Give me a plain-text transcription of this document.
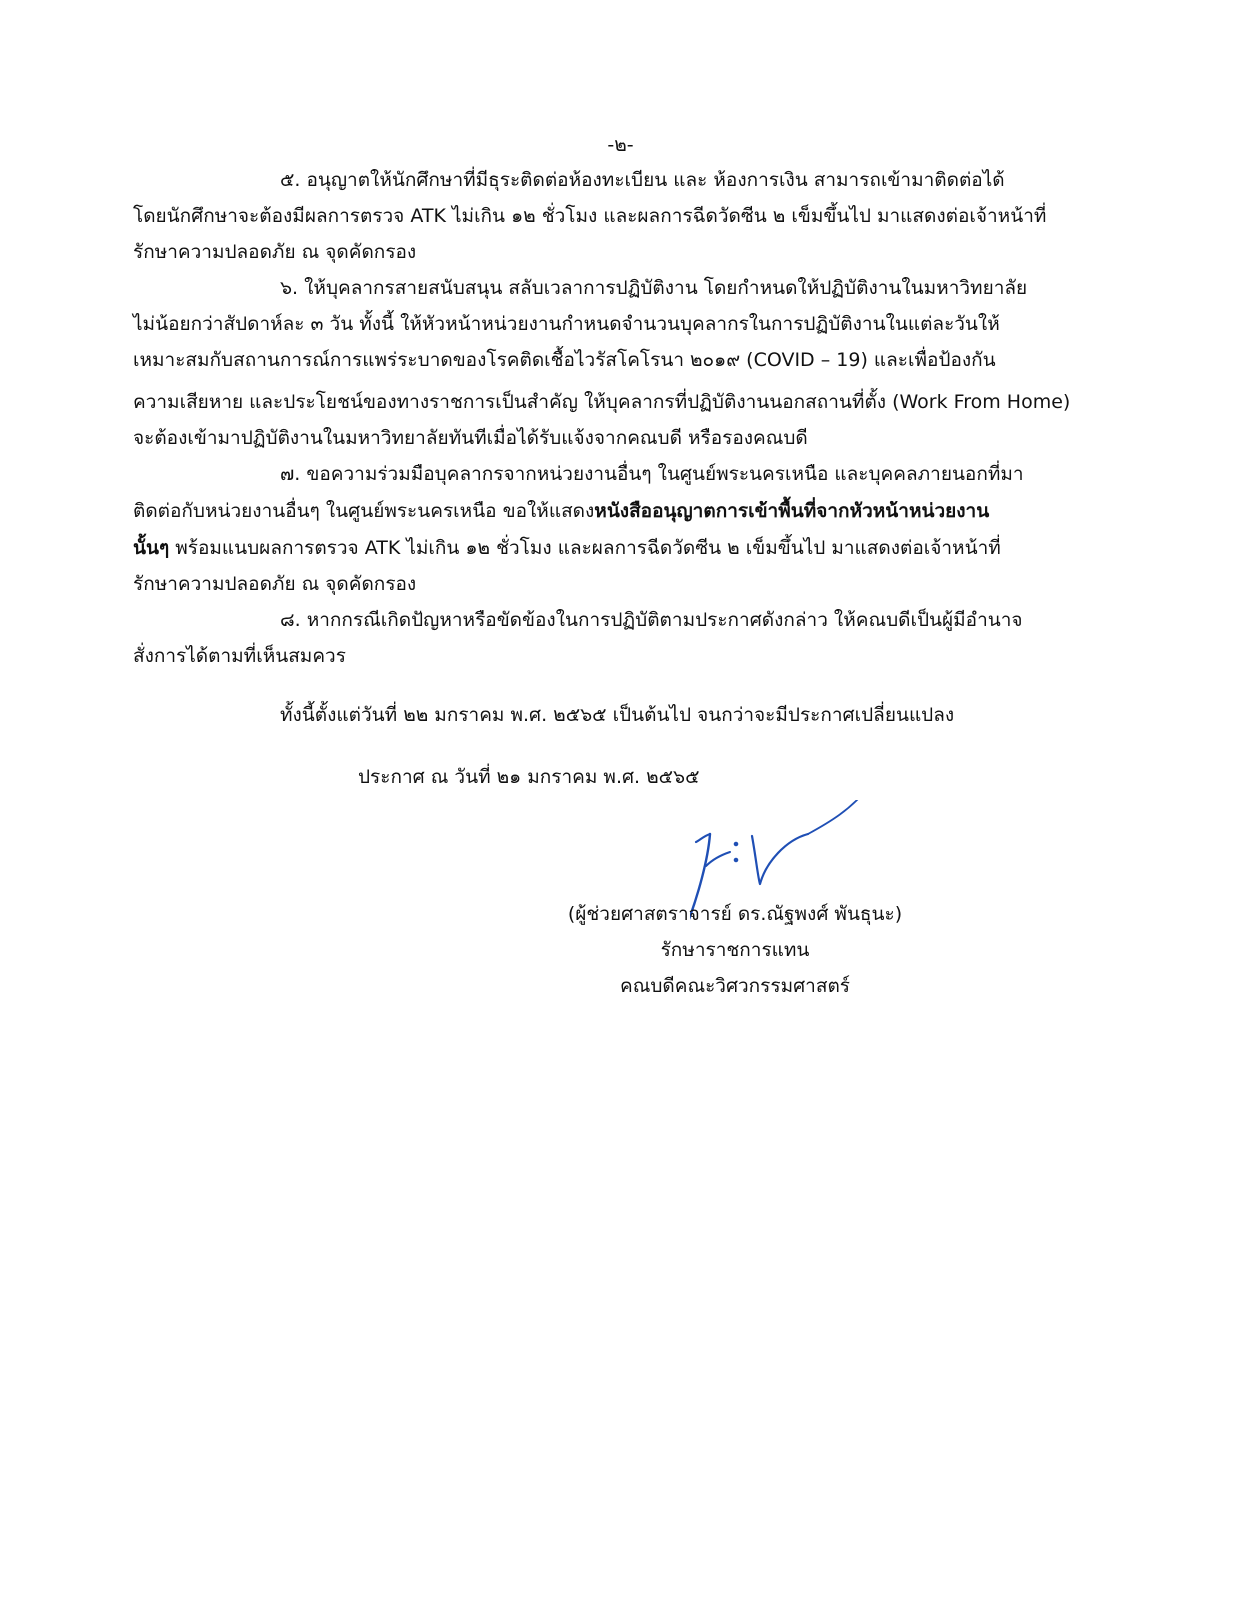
-๒-
๕. อนุญาตให้นักศึกษาที่มีธุระติดต่อห้องทะเบียน และ ห้องการเงิน สามารถเข้ามาติดต่อได้
โดยนักศึกษาจะต้องมีผลการตรวจ ATK ไม่เกิน ๑๒ ชั่วโมง และผลการฉีดวัดซีน ๒ เข็มขึ้นไป มาแสดงต่อเจ้าหน้าที่
รักษาความปลอดภัย ณ จุดคัดกรอง
๖. ให้บุคลากรสายสนับสนุน สลับเวลาการปฏิบัติงาน โดยกำหนดให้ปฏิบัติงานในมหาวิทยาลัย
ไม่น้อยกว่าสัปดาห์ละ ๓ วัน ทั้งนี้ ให้หัวหน้าหน่วยงานกำหนดจำนวนบุคลากรในการปฏิบัติงานในแต่ละวันให้
เหมาะสมกับสถานการณ์การแพร่ระบาดของโรคติดเชื้อไวรัสโคโรนา ๒๐๑๙ (COVID – 19) และเพื่อป้องกัน
ความเสียหาย และประโยชน์ของทางราชการเป็นสำคัญ ให้บุคลากรที่ปฏิบัติงานนอกสถานที่ตั้ง (Work From Home)
จะต้องเข้ามาปฏิบัติงานในมหาวิทยาลัยทันทีเมื่อได้รับแจ้งจากคณบดี หรือรองคณบดี
๗. ขอความร่วมมือบุคลากรจากหน่วยงานอื่นๆ ในศูนย์พระนครเหนือ และบุคคลภายนอกที่มา
ติดต่อกับหน่วยงานอื่นๆ ในศูนย์พระนครเหนือ ขอให้แสดงหนังสืออนุญาตการเข้าพื้นที่จากหัวหน้าหน่วยงาน
นั้นๆ พร้อมแนบผลการตรวจ ATK ไม่เกิน ๑๒ ชั่วโมง และผลการฉีดวัดซีน ๒ เข็มขึ้นไป มาแสดงต่อเจ้าหน้าที่
รักษาความปลอดภัย ณ จุดคัดกรอง
๘. หากกรณีเกิดปัญหาหรือขัดข้องในการปฏิบัติตามประกาศดังกล่าว ให้คณบดีเป็นผู้มีอำนาจ
สั่งการได้ตามที่เห็นสมควร
ทั้งนี้ตั้งแต่วันที่ ๒๒ มกราคม พ.ศ. ๒๕๖๕ เป็นต้นไป จนกว่าจะมีประกาศเปลี่ยนแปลง
ประกาศ ณ วันที่ ๒๑ มกราคม พ.ศ. ๒๕๖๕
(ผู้ช่วยศาสตราจารย์ ดร.ณัฐพงศ์ พันธุนะ)
รักษาราชการแทน
คณบดีคณะวิศวกรรมศาสตร์
